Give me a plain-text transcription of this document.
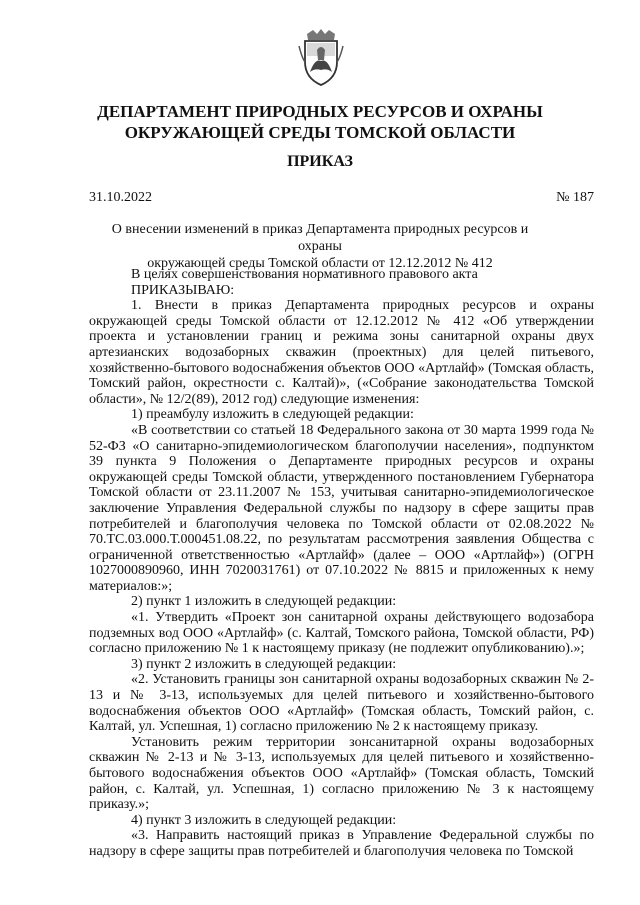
ДЕПАРТАМЕНТ ПРИРОДНЫХ РЕСУРСОВ И ОХРАНЫ
ОКРУЖАЮЩЕЙ СРЕДЫ ТОМСКОЙ ОБЛАСТИ
ПРИКАЗ
31.10.2022	№ 187
О внесении изменений в приказ Департамента природных ресурсов и охраны
окружающей среды Томской области от 12.12.2012 № 412

В целях совершенствования нормативного правового акта

ПРИКАЗЫВАЮ:

1. Внести в приказ Департамента природных ресурсов и охраны окружающей среды Томской области от 12.12.2012 № 412 «Об утверждении проекта и установлении границ и режима зоны санитарной охраны двух артезианских водозаборных скважин (проектных) для целей питьевого, хозяйственно-бытового водоснабжения объектов ООО «Артлайф» (Томская область, Томский район, окрестности с. Калтай)», («Собрание законодательства Томской области», № 12/2(89), 2012 год) следующие изменения:

1) преамбулу изложить в следующей редакции:

«В соответствии со статьей 18 Федерального закона от 30 марта 1999 года № 52-ФЗ «О санитарно-эпидемиологическом благополучии населения», подпунктом 39 пункта 9 Положения о Департаменте природных ресурсов и охраны окружающей среды Томской области, утвержденного постановлением Губернатора Томской области от 23.11.2007 № 153, учитывая санитарно-эпидемиологическое заключение Управления Федеральной службы по надзору в сфере защиты прав потребителей и благополучия человека по Томской области от 02.08.2022 № 70.ТС.03.000.Т.000451.08.22, по результатам рассмотрения заявления Общества с ограниченной ответственностью «Артлайф» (далее – ООО «Артлайф») (ОГРН 1027000890960, ИНН 7020031761) от 07.10.2022 № 8815 и приложенных к нему материалов:»;

2) пункт 1 изложить в следующей редакции:

«1. Утвердить «Проект зон санитарной охраны действующего водозабора подземных вод ООО «Артлайф» (с. Калтай, Томского района, Томской области, РФ) согласно приложению № 1 к настоящему приказу (не подлежит опубликованию).»;

3) пункт 2 изложить в следующей редакции:

«2. Установить границы зон санитарной охраны водозаборных скважин № 2-13 и № 3-13, используемых для целей питьевого и хозяйственно-бытового водоснабжения объектов ООО «Артлайф» (Томская область, Томский район, с. Калтай, ул. Успешная, 1) согласно приложению № 2 к настоящему приказу.

Установить режим территории зонсанитарной охраны водозаборных скважин № 2-13 и № 3-13, используемых для целей питьевого и хозяйственно-бытового водоснабжения объектов ООО «Артлайф» (Томская область, Томский район, с. Калтай, ул. Успешная, 1) согласно приложению № 3 к настоящему приказу.»;

4) пункт 3 изложить в следующей редакции:

«3. Направить настоящий приказ в Управление Федеральной службы по надзору в сфере защиты прав потребителей и благополучия человека по Томской
